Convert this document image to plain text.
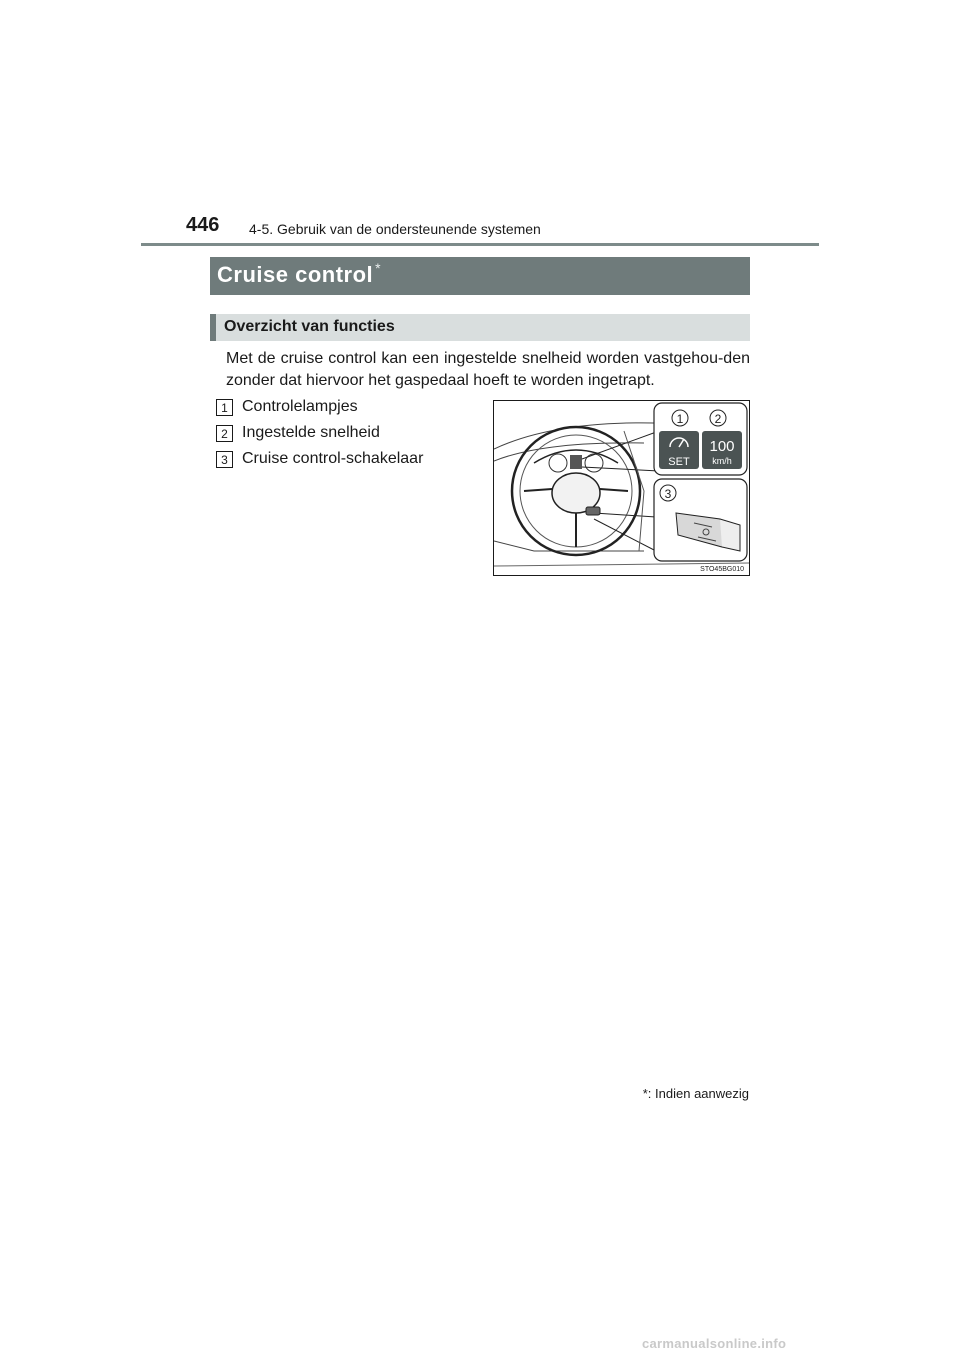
446 4-5. Gebruik van de ondersteunende systemen
Cruise control *
Overzicht van functies
Met de cruise control kan een ingestelde snelheid worden vastgehou-den zonder dat hiervoor het gaspedaal hoeft te worden ingetrapt.
1 Controlelampjes
2 Ingestelde snelheid
3 Cruise control-schakelaar
1	2
SET
100
km/h
3
STO45BG010
*: Indien aanwezig
carmanualsonline.info
